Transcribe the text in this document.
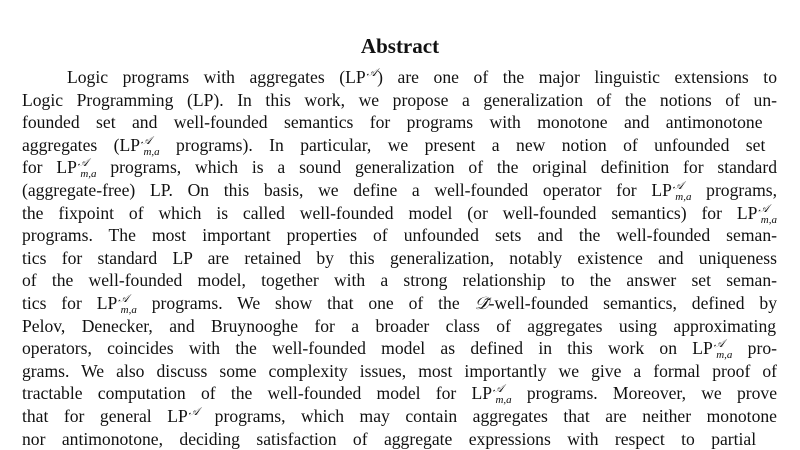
Abstract
Logic programs with aggregates $(LP^𝒜)$ are one of the major linguistic extensions to
Logic Programming (LP). In this work, we propose a generalization of the notions of un-
founded set and well-founded semantics for programs with monotone and antimonotone
aggregates ($LP^𝒜_{m,a}$ programs). In particular, we present a new notion of unfounded set
for $LP^𝒜_{m,a}$ programs, which is a sound generalization of the original definition for standard
(aggregate-free) LP. On this basis, we define a well-founded operator for $LP^𝒜_{m,a}$ programs,
the fixpoint of which is called well-founded model (or well-founded semantics) for $LP^𝒜_{m,a}$
programs. The most important properties of unfounded sets and the well-founded seman-
tics for standard LP are retained by this generalization, notably existence and uniqueness
of the well-founded model, together with a strong relationship to the answer set seman-
tics for $LP^𝒜_{m,a}$ programs. We show that one of the 𝒟̃-well-founded semantics, defined by
Pelov, Denecker, and Bruynooghe for a broader class of aggregates using approximating
operators, coincides with the well-founded model as defined in this work on $LP^𝒜_{m,a}$ pro-
grams. We also discuss some complexity issues, most importantly we give a formal proof of
tractable computation of the well-founded model for $LP^𝒜_{m,a}$ programs. Moreover, we prove
that for general $LP^𝒜$ programs, which may contain aggregates that are neither monotone
nor antimonotone, deciding satisfaction of aggregate expressions with respect to partial
